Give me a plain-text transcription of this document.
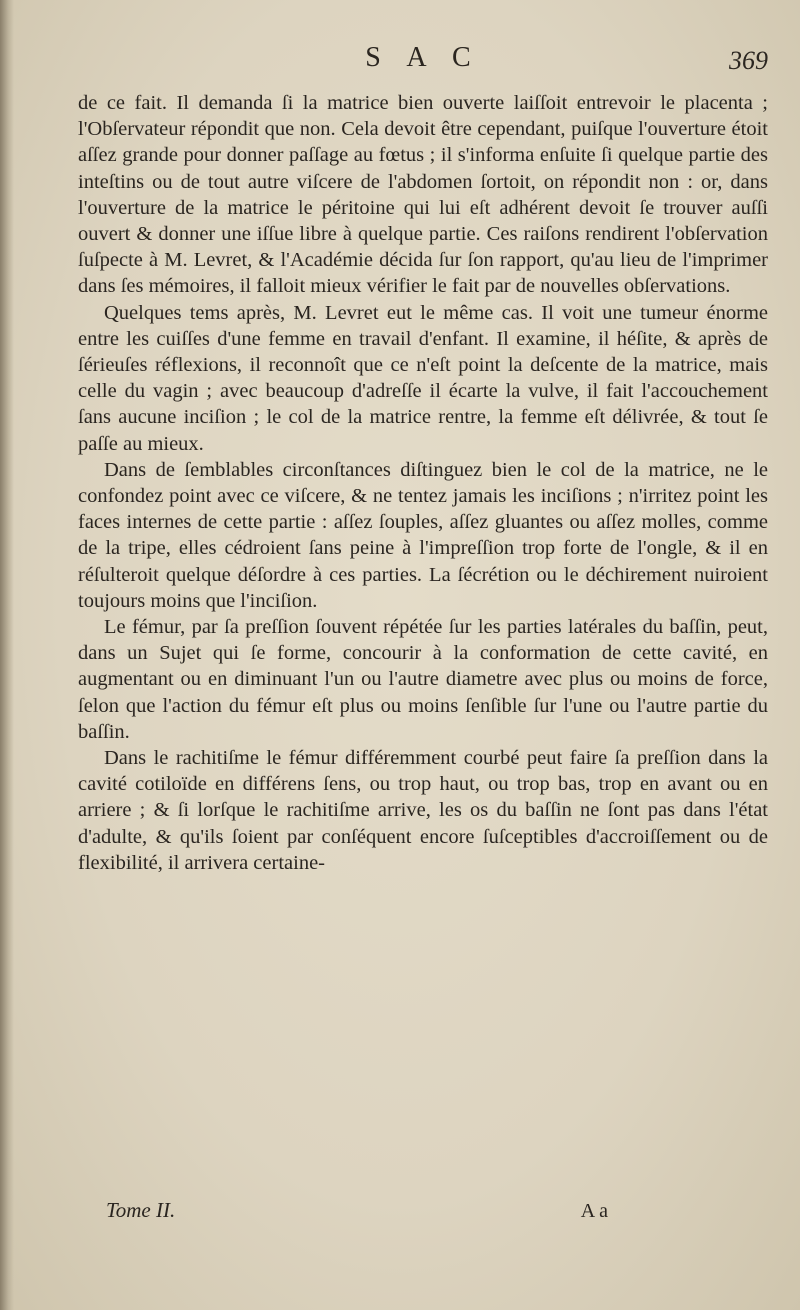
S A C	369

de ce fait. Il demanda ſi la matrice bien ouverte laiſſoit entrevoir le placenta ; l'Obſervateur répondit que non. Cela devoit être cependant, puiſque l'ouverture étoit aſſez grande pour donner paſſage au fœtus ; il s'informa enſuite ſi quelque partie des inteſtins ou de tout autre viſcere de l'abdomen ſortoit, on répondit non : or, dans l'ouverture de la matrice le péritoine qui lui eſt adhérent devoit ſe trouver auſſi ouvert & donner une iſſue libre à quelque partie. Ces raiſons rendirent l'obſervation ſuſpecte à M. Levret, & l'Académie décida ſur ſon rapport, qu'au lieu de l'imprimer dans ſes mémoires, il falloit mieux vérifier le fait par de nouvelles obſervations.

Quelques tems après, M. Levret eut le même cas. Il voit une tumeur énorme entre les cuiſſes d'une femme en travail d'enfant. Il examine, il héſite, & après de ſérieuſes réflexions, il reconnoît que ce n'eſt point la deſcente de la matrice, mais celle du vagin ; avec beaucoup d'adreſſe il écarte la vulve, il fait l'accouchement ſans aucune inciſion ; le col de la matrice rentre, la femme eſt délivrée, & tout ſe paſſe au mieux.

Dans de ſemblables circonſtances diſtinguez bien le col de la matrice, ne le confondez point avec ce viſcere, & ne tentez jamais les inciſions ; n'irritez point les faces internes de cette partie : aſſez ſouples, aſſez gluantes ou aſſez molles, comme de la tripe, elles cédroient ſans peine à l'impreſſion trop forte de l'ongle, & il en réſulteroit quelque déſordre à ces parties. La ſécrétion ou le déchirement nuiroient toujours moins que l'inciſion.

Le fémur, par ſa preſſion ſouvent répétée ſur les parties latérales du baſſin, peut, dans un Sujet qui ſe forme, concourir à la conformation de cette cavité, en augmentant ou en diminuant l'un ou l'autre diametre avec plus ou moins de force, ſelon que l'action du fémur eſt plus ou moins ſenſible ſur l'une ou l'autre partie du baſſin.

Dans le rachitiſme le fémur différemment courbé peut faire ſa preſſion dans la cavité cotiloïde en différens ſens, ou trop haut, ou trop bas, trop en avant ou en arriere ; & ſi lorſque le rachitiſme arrive, les os du baſſin ne ſont pas dans l'état d'adulte, & qu'ils ſoient par conſéquent encore ſuſceptibles d'accroiſſement ou de flexibilité, il arrivera certaine-

Tome II.	A a
